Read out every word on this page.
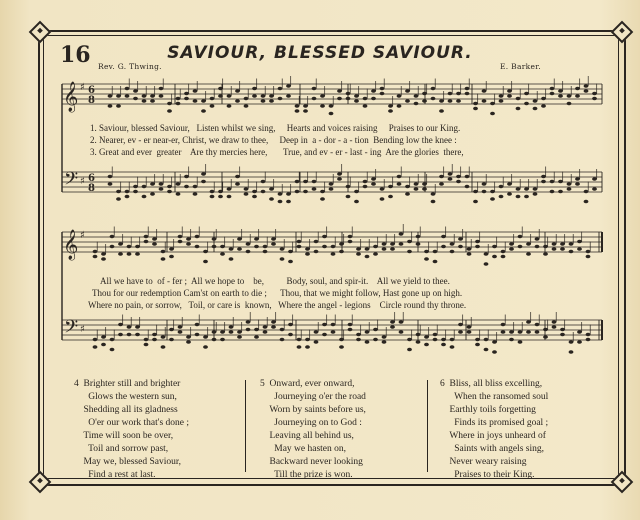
16	SAVIOUR, BLESSED SAVIOUR.
Rev. G. Thwing.	E. Barker.
𝄞 ♯ 6
8
𝄢 ♯ 6
8
𝄞 ♯
𝄢 ♯
1. Saviour, blessed Saviour,   Listen whilst we sing,     Hearts and voices raising     Praises to our King.
2. Nearer, ev - er near-er, Christ, we draw to thee,     Deep in  a - dor - a - tion  Bending low the knee :
3. Great and ever  greater    Are thy mercies here,       True, and ev - er - last - ing  Are the glories  there,
All we have to  of - fer ;  All we hope to    be,          Body, soul, and spir-it.    All we yield to thee.
Thou for our redemption Cam'st on earth to die ;      Thou, that we might follow, Hast gone up on high.
Where no pain, or sorrow,   Toil, or care is  known,   Where the angel - legions    Circle round thy throne.
4  Brighter still and brighter
Glows the western sun,
Shedding all its gladness
O'er our work that's done ;
Time will soon be over,
Toil and sorrow past,
May we, blessed Saviour,
Find a rest at last.
5  Onward, ever onward,
Journeying o'er the road
Worn by saints before us,
Journeying on to God :
Leaving all behind us,
May we hasten on,
Backward never looking
Till the prize is won.
6  Bliss, all bliss excelling,
When the ransomed soul
Earthly toils forgetting
Finds its promised goal ;
Where in joys unheard of
Saints with angels sing,
Never weary raising
Praises to their King.
